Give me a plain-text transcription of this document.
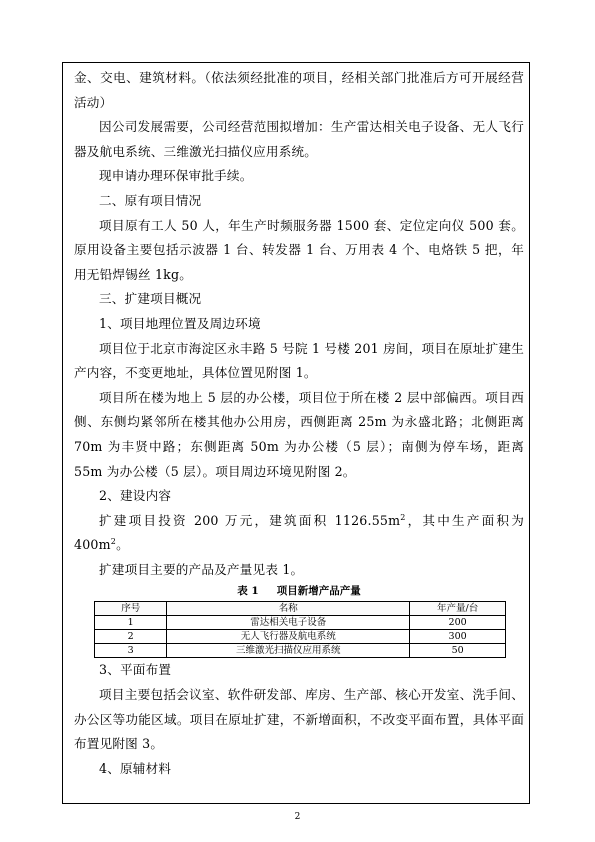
金、交电、建筑材料。（依法须经批准的项目，经相关部门批准后方可开展经营活动）

因公司发展需要，公司经营范围拟增加：生产雷达相关电子设备、无人飞行器及航电系统、三维激光扫描仪应用系统。

现申请办理环保审批手续。

二、原有项目情况

项目原有工人 50 人，年生产时频服务器 1500 套、定位定向仪 500 套。原用设备主要包括示波器 1 台、转发器 1 台、万用表 4 个、电烙铁 5 把，年用无铅焊锡丝 1kg。

三、扩建项目概况

1、项目地理位置及周边环境

项目位于北京市海淀区永丰路 5 号院 1 号楼 201 房间，项目在原址扩建生产内容，不变更地址，具体位置见附图 1。

项目所在楼为地上 5 层的办公楼，项目位于所在楼 2 层中部偏西。项目西侧、东侧均紧邻所在楼其他办公用房，西侧距离 25m 为永盛北路；北侧距离 70m 为丰贤中路；东侧距离 50m 为办公楼（5 层）；南侧为停车场，距离 55m 为办公楼（5 层）。项目周边环境见附图 2。

2、建设内容

扩建项目投资 200 万元，建筑面积 $1126.55m^2$，其中生产面积为 $400m^2$。

扩建项目主要的产品及产量见表 1。

表 1 项目新增产品产量
序号	名称	年产量/台
1	雷达相关电子设备	200
2	无人飞行器及航电系统	300
3	三维激光扫描仪应用系统	50

3、平面布置

项目主要包括会议室、软件研发部、库房、生产部、核心开发室、洗手间、办公区等功能区域。项目在原址扩建，不新增面积，不改变平面布置，具体平面布置见附图 3。

4、原辅材料

2
